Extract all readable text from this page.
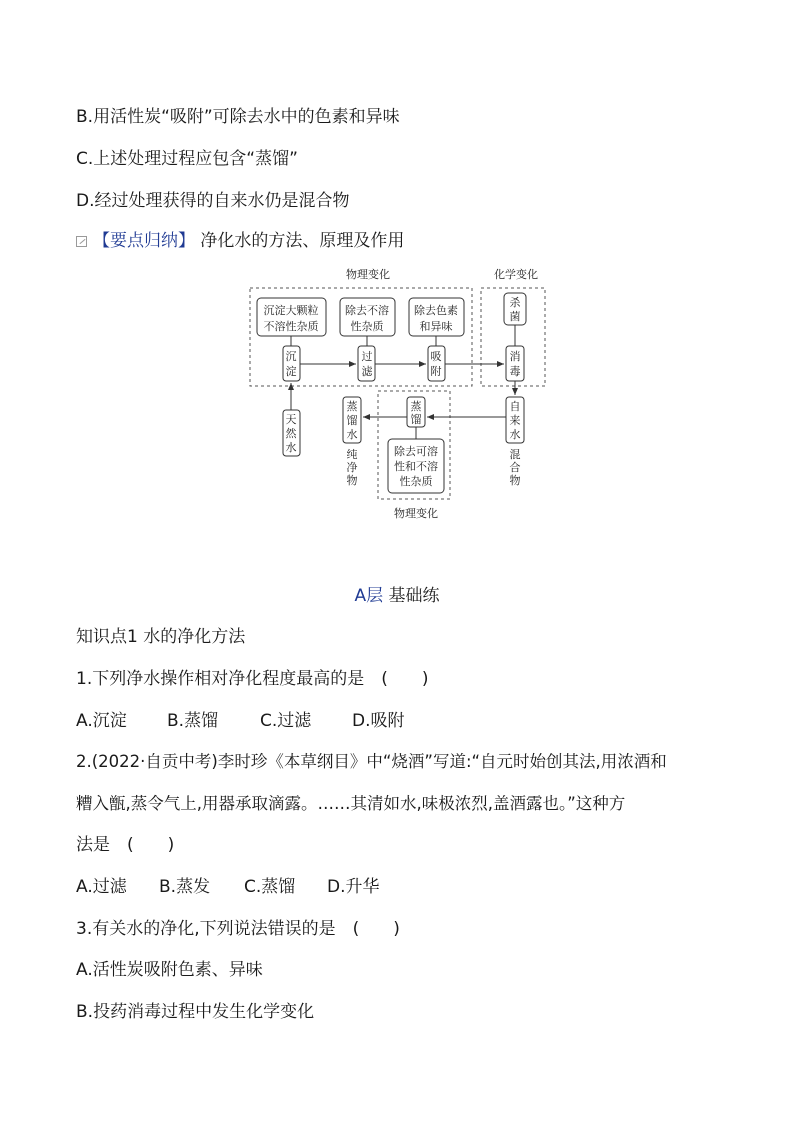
B.用活性炭“吸附”可除去水中的色素和异味
C.上述处理过程应包含“蒸馏”
D.经过处理获得的自来水仍是混合物
【要点归纳】 净化水的方法、原理及作用
物理变化	化学变化
物理变化
沉淀大颗粒
不溶性杂质
除去不溶
性杂质
除去色素
和异味
杀
菌
沉
淀
过
滤
吸
附
消
毒
天
然
水
自
来
水
混
合
物
蒸
馏
除去可溶
性和不溶
性杂质
蒸
馏
水
纯
净
物
A层 基础练
知识点1 水的净化方法
1.下列净水操作相对净化程度最高的是　(　　)
A.沉淀 B.蒸馏 C.过滤 D.吸附
2.(2022·自贡中考)李时珍《本草纲目》中“烧酒”写道:“自元时始创其法,用浓酒和
糟入甑,蒸令气上,用器承取滴露。……其清如水,味极浓烈,盖酒露也。”这种方
法是　(　　)
A.过滤 B.蒸发 C.蒸馏 D.升华
3.有关水的净化,下列说法错误的是　(　　)
A.活性炭吸附色素、异味
B.投药消毒过程中发生化学变化
